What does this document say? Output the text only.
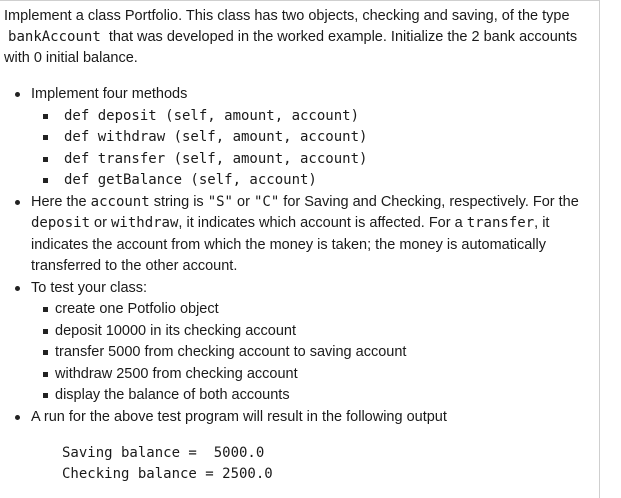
Implement a class Portfolio. This class has two objects, checking and saving, of the type
bankAccount that was developed in the worked example. Initialize the 2 bank accounts with 0 initial balance.

Implement four methods
def deposit (self, amount, account)
def withdraw (self, amount, account)
def transfer (self, amount, account)
def getBalance (self, account)
Here the account string is "S" or "C" for Saving and Checking, respectively. For the deposit or withdraw, it indicates which account is affected. For a transfer, it indicates the account from which the money is taken; the money is automatically transferred to the other account.
To test your class:
create one Potfolio object
deposit 10000 in its checking account
transfer 5000 from checking account to saving account
withdraw 2500 from checking account
display the balance of both accounts
A run for the above test program will result in the following output
Saving balance =  5000.0
Checking balance = 2500.0
